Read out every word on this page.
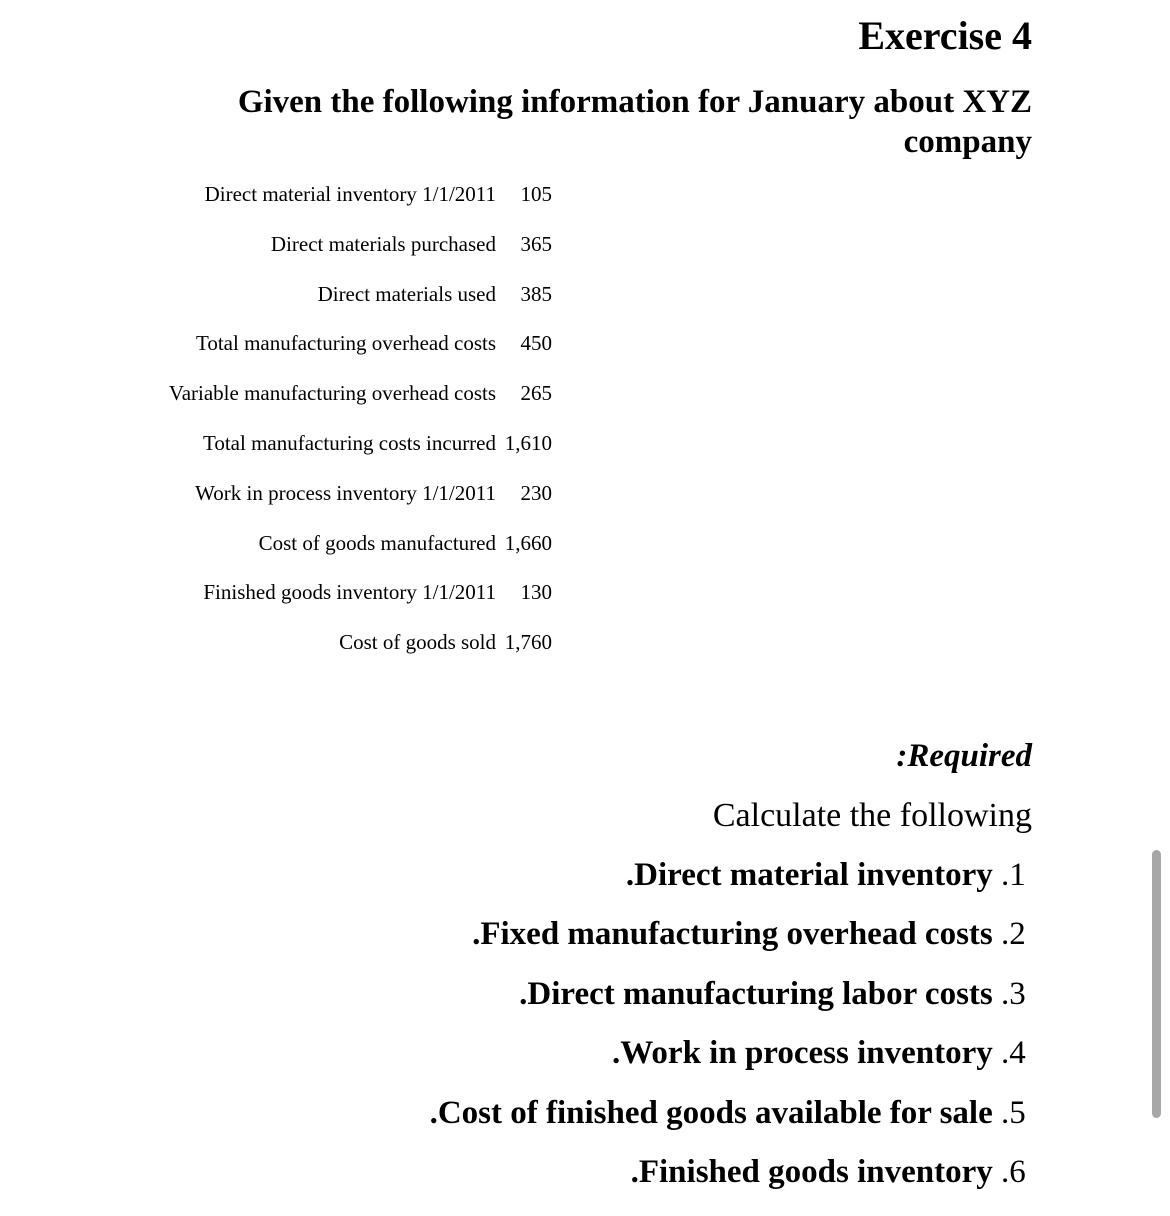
Exercise 4
Given the following information for January about XYZ company
Direct material inventory 1/1/2011	105
Direct materials purchased	365
Direct materials used	385
Total manufacturing overhead costs	450
Variable manufacturing overhead costs	265
Total manufacturing costs incurred 1,610
Work in process inventory 1/1/2011	230
Cost of goods manufactured 1,660
Finished goods inventory 1/1/2011	130
Cost of goods sold 1,760
:Required
Calculate the following
.Direct material inventory .1
.Fixed manufacturing overhead costs .2
.Direct manufacturing labor costs .3
.Work in process inventory .4
.Cost of finished goods available for sale .5
.Finished goods inventory .6
